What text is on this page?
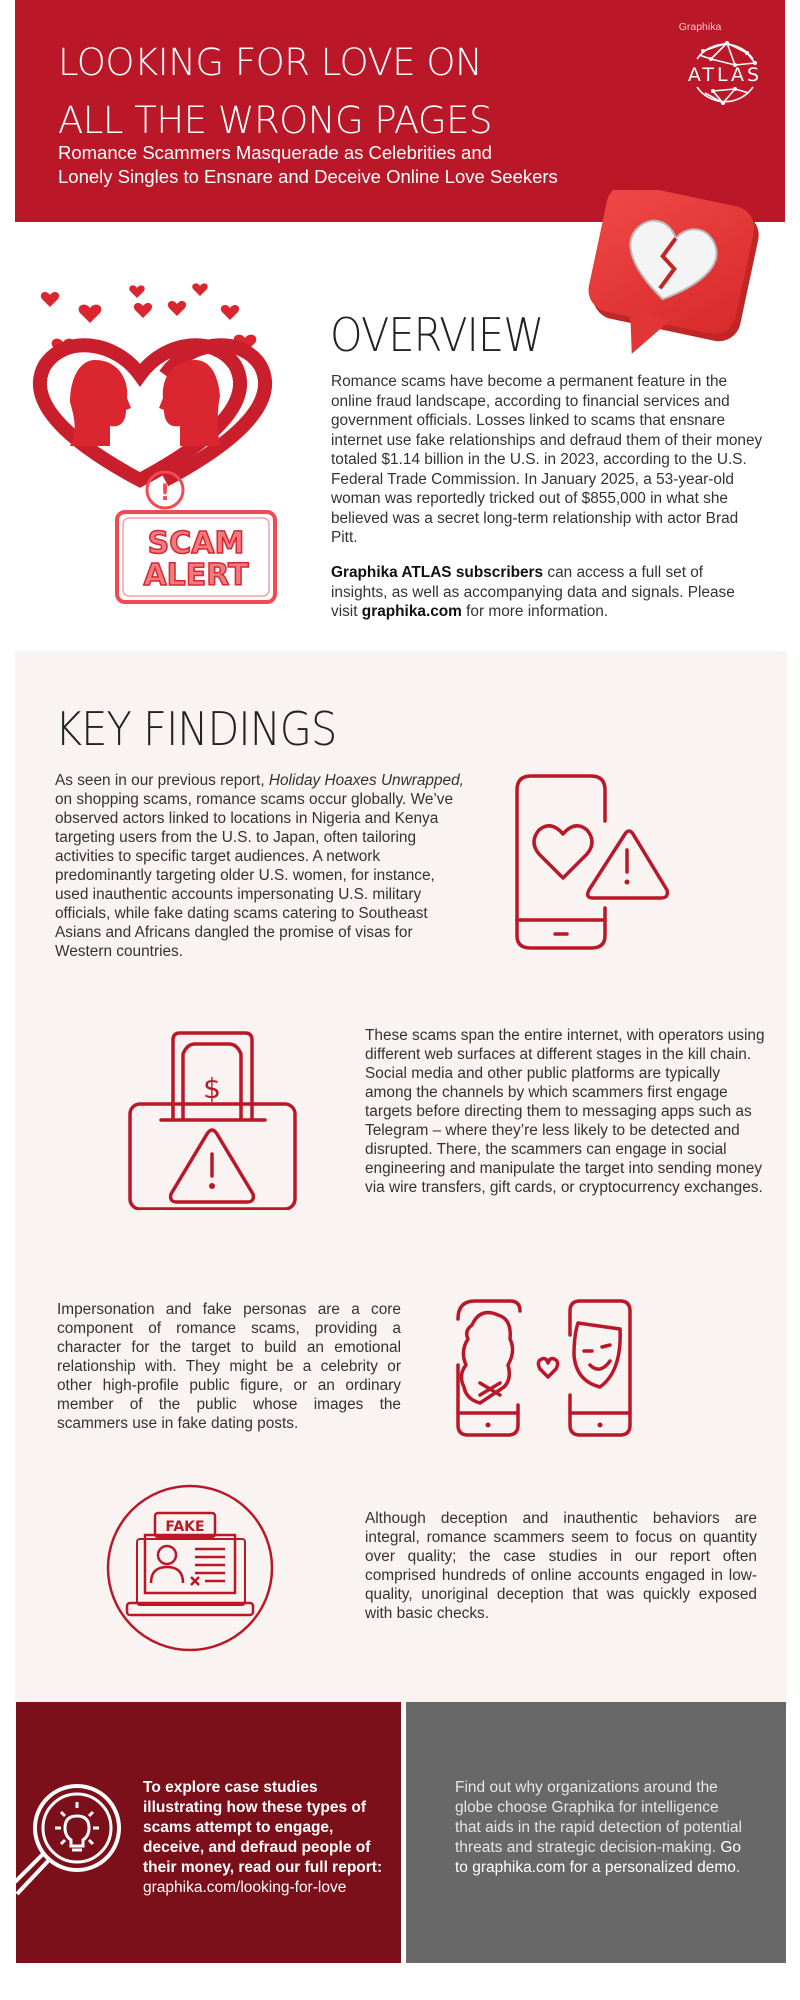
LOOKING FOR LOVE ON
ALL THE WRONG PAGES
Romance Scammers Masquerade as Celebrities and
Lonely Singles to Ensnare and Deceive Online Love Seekers
Graphika
ATLAS
!
SCAM
ALERT
OVERVIEW
Romance scams have become a permanent feature in the online fraud landscape, according to financial services and government officials. Losses linked to scams that ensnare internet use fake relationships and defraud them of their money totaled $1.14 billion in the U.S. in 2023, according to the U.S. Federal Trade Commission. In January 2025, a 53-year-old woman was reportedly tricked out of $855,000 in what she believed was a secret long-term relationship with actor Brad Pitt.
Graphika ATLAS subscribers can access a full set of insights, as well as accompanying data and signals. Please visit graphika.com for more information.
KEY FINDINGS
As seen in our previous report, Holiday Hoaxes Unwrapped, on shopping scams, romance scams occur globally. We’ve observed actors linked to locations in Nigeria and Kenya targeting users from the U.S. to Japan, often tailoring activities to specific target audiences. A network predominantly targeting older U.S. women, for instance, used inauthentic accounts impersonating U.S. military officials, while fake dating scams catering to Southeast Asians and Africans dangled the promise of visas for Western countries.
$
These scams span the entire internet, with operators using different web surfaces at different stages in the kill chain. Social media and other public platforms are typically among the channels by which scammers first engage targets before directing them to messaging apps such as Telegram – where they’re less likely to be detected and disrupted. There, the scammers can engage in social engineering and manipulate the target into sending money via wire transfers, gift cards, or cryptocurrency exchanges.
Impersonation and fake personas are a core component of romance scams, providing a character for the target to build an emotional relationship with. They might be a celebrity or other high-profile public figure, or an ordinary member of the public whose images the scammers use in fake dating posts.
FAKE	Although deception and inauthentic behaviors are integral, romance scammers seem to focus on quantity over quality; the case studies in our report often comprised hundreds of online accounts engaged in low-quality, unoriginal deception that was quickly exposed with basic checks.
To explore case studies illustrating how these types of scams attempt to engage, deceive, and defraud people of their money, read our full report:
graphika.com/looking-for-love
Find out why organizations around the globe choose Graphika for intelligence that aids in the rapid detection of potential threats and strategic decision-making. Go to graphika.com for a personalized demo.
